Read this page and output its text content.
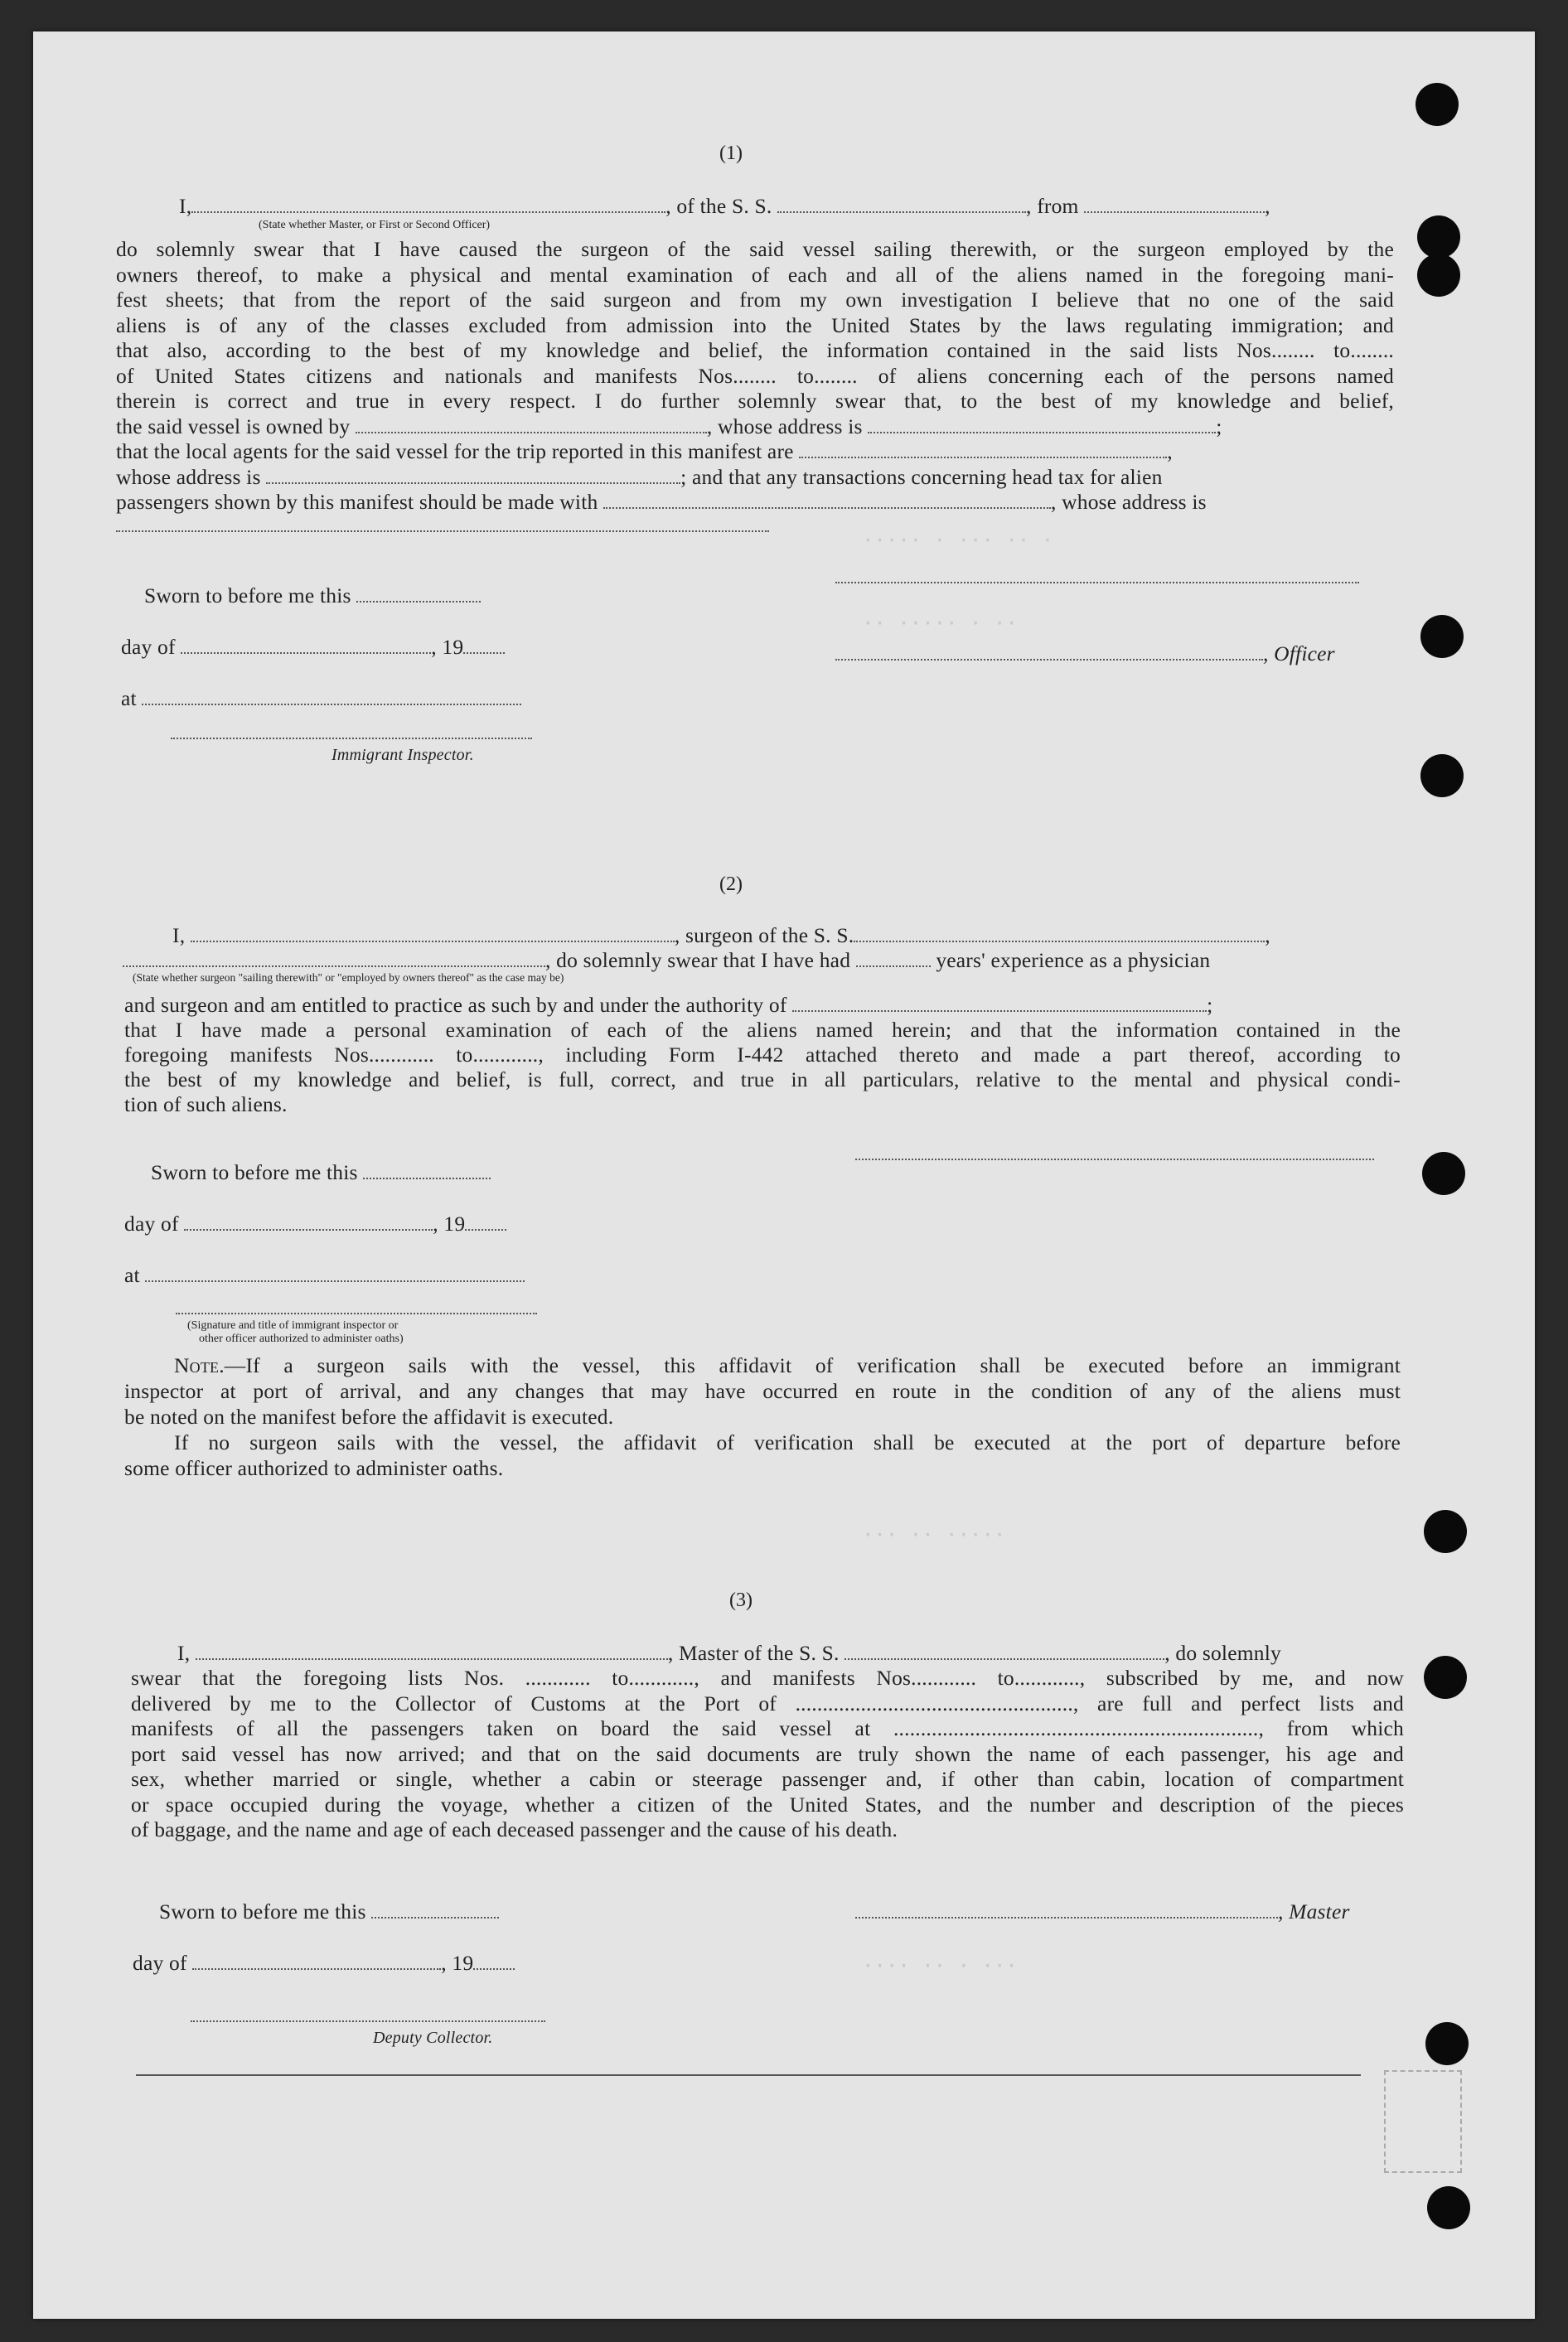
····· · ··· ·· ·
·· ····· · ··
··· ·· ·····
···· ·· · ···
(1)
I,	, of the S. S.	, from	,
(State whether Master, or First or Second Officer)
do solemnly swear that I have caused the surgeon of the said vessel sailing therewith, or the surgeon employed by the
owners thereof, to make a physical and mental examination of each and all of the aliens named in the foregoing mani-
fest sheets; that from the report of the said surgeon and from my own investigation I believe that no one of the said
aliens is of any of the classes excluded from admission into the United States by the laws regulating immigration; and
that also, according to the best of my knowledge and belief, the information contained in the said lists Nos........ to........
of United States citizens and nationals and manifests Nos........ to........ of aliens concerning each of the persons named
therein is correct and true in every respect. I do further solemnly swear that, to the best of my knowledge and belief,
the said vessel is owned by	, whose address is	;
that the local agents for the said vessel for the trip reported in this manifest are	,
whose address is	; and that any transactions concerning head tax for alien
passengers shown by this manifest should be made with	, whose address is
Sworn to before me this
day of	, 19
at
Immigrant Inspector.
, Officer
(2)
I,	, surgeon of the S. S.	,
, do solemnly swear that I have had	years' experience as a physician
(State whether surgeon "sailing therewith" or "employed by owners thereof" as the case may be)
and surgeon and am entitled to practice as such by and under the authority of	;
that I have made a personal examination of each of the aliens named herein; and that the information contained in the
foregoing manifests Nos............ to............, including Form I-442 attached thereto and made a part thereof, according to
the best of my knowledge and belief, is full, correct, and true in all particulars, relative to the mental and physical condi-
tion of such aliens.
Sworn to before me this
day of	, 19
at
(Signature and title of immigrant inspector or
other officer authorized to administer oaths)
Note.—If a surgeon sails with the vessel, this affidavit of verification shall be executed before an immigrant
inspector at port of arrival, and any changes that may have occurred en route in the condition of any of the aliens must
be noted on the manifest before the affidavit is executed.
If no surgeon sails with the vessel, the affidavit of verification shall be executed at the port of departure before
some officer authorized to administer oaths.
(3)
I,	, Master of the S. S.	, do solemnly
swear that the foregoing lists Nos. ............ to............, and manifests Nos............ to............, subscribed by me, and now
delivered by me to the Collector of Customs at the Port of ..................................................., are full and perfect lists and
manifests of all the passengers taken on board the said vessel at ..................................................................., from which
port said vessel has now arrived; and that on the said documents are truly shown the name of each passenger, his age and
sex, whether married or single, whether a cabin or steerage passenger and, if other than cabin, location of compartment
or space occupied during the voyage, whether a citizen of the United States, and the number and description of the pieces
of baggage, and the name and age of each deceased passenger and the cause of his death.
Sworn to before me this	, Master
day of	, 19
Deputy Collector.
